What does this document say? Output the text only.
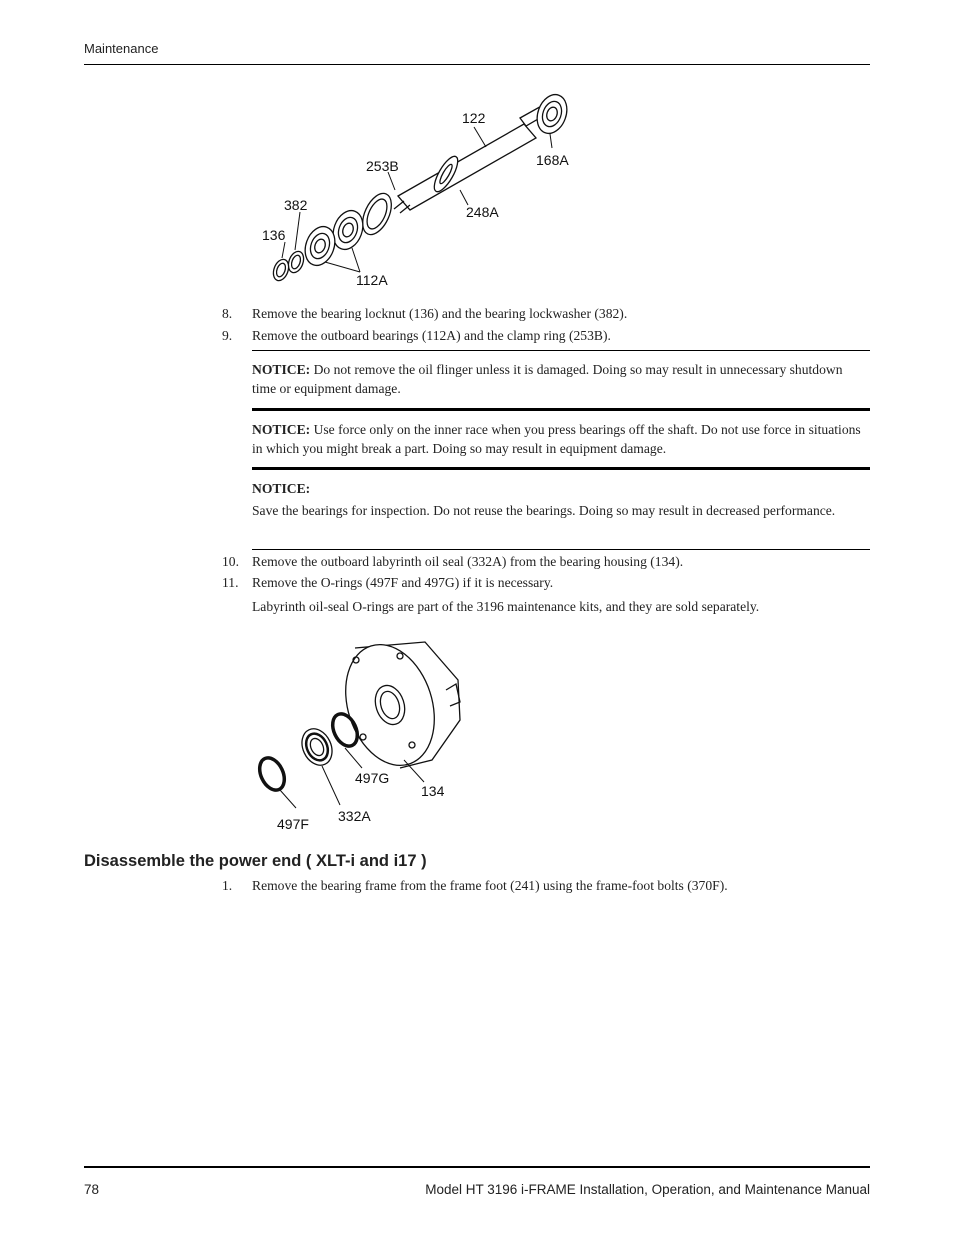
Maintenance
122
168A
253B
248A
382
136
112A
8. Remove the bearing locknut (136) and the bearing lockwasher (382).
9. Remove the outboard bearings (112A) and the clamp ring (253B).
NOTICE: Do not remove the oil flinger unless it is damaged. Doing so may result in unnecessary shutdown time or equipment damage.
NOTICE: Use force only on the inner race when you press bearings off the shaft. Do not use force in situations in which you might break a part. Doing so may result in equipment damage.
NOTICE:
Save the bearings for inspection. Do not reuse the bearings. Doing so may result in decreased performance.
10. Remove the outboard labyrinth oil seal (332A) from the bearing housing (134).
11. Remove the O-rings (497F and 497G) if it is necessary.
Labyrinth oil-seal O-rings are part of the 3196 maintenance kits, and they are sold separately.
497G
134
497F 332A
Disassemble the power end ( XLT-i and i17 )
1. Remove the bearing frame from the frame foot (241) using the frame-foot bolts (370F).
78	Model HT 3196 i-FRAME Installation, Operation, and Maintenance Manual
